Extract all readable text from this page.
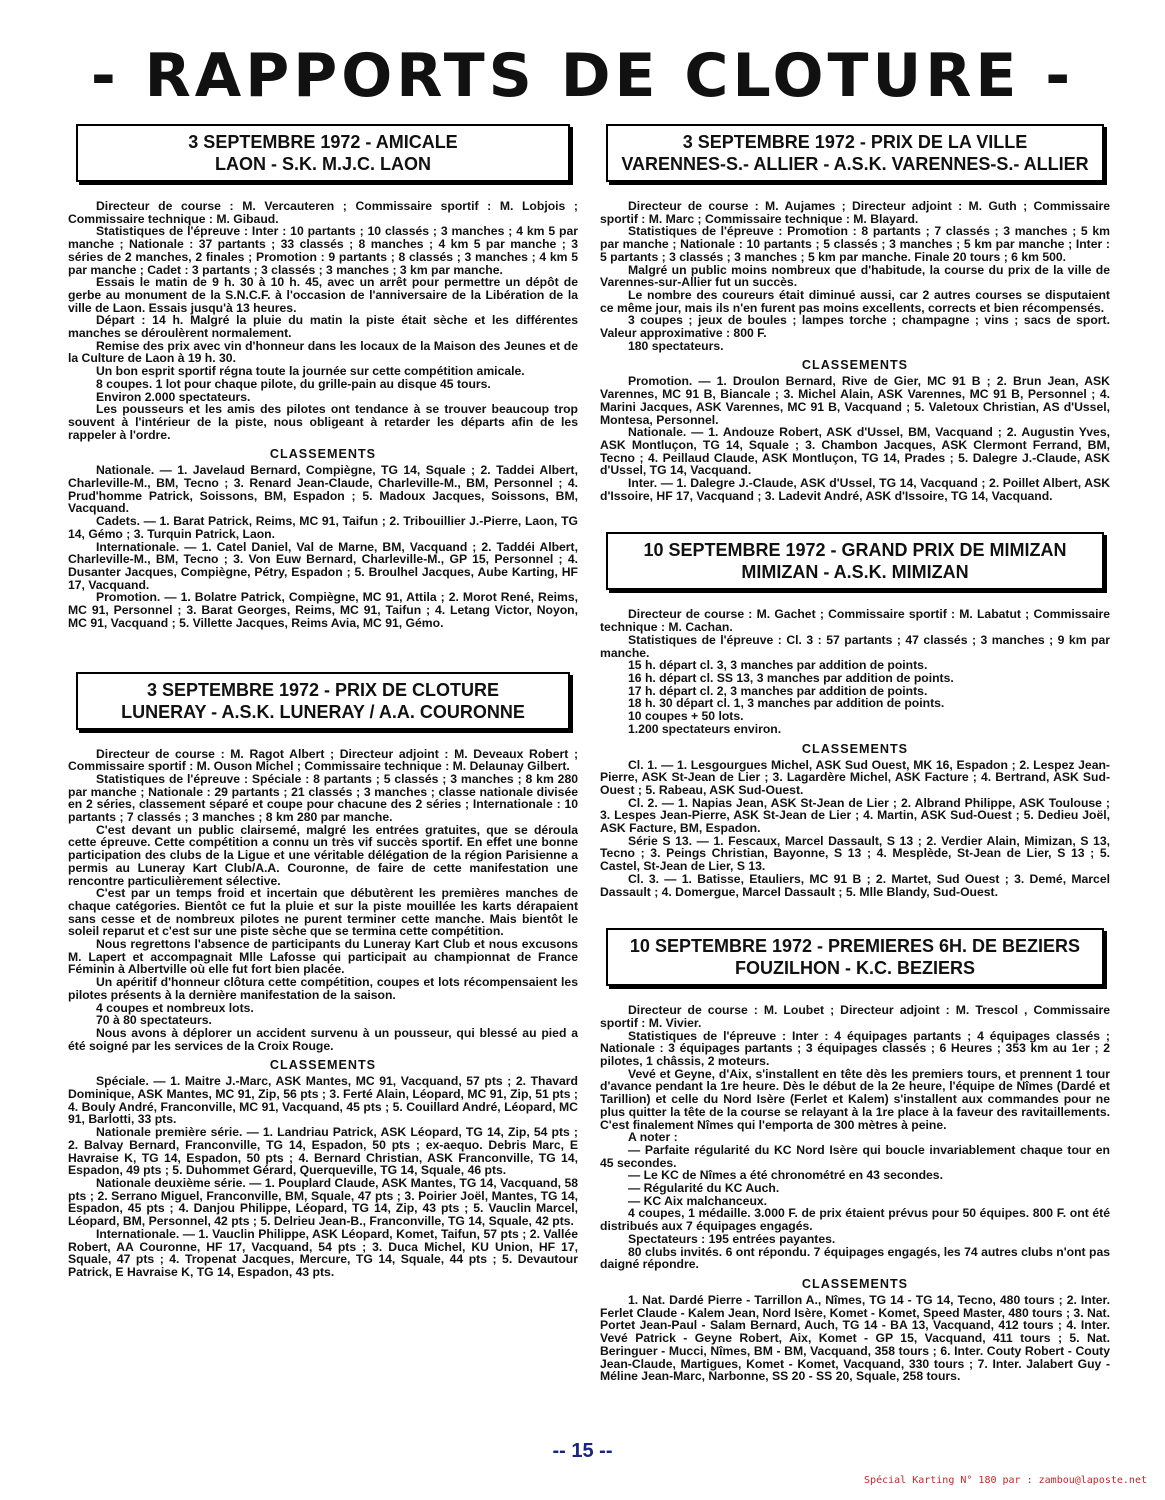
- RAPPORTS DE CLOTURE -
3 SEPTEMBRE 1972 - AMICALE
LAON - S.K. M.J.C. LAON

Directeur de course : M. Vercauteren ; Commissaire sportif : M. Lobjois ; Commissaire technique : M. Gibaud.

Statistiques de l'épreuve : Inter : 10 partants ; 10 classés ; 3 manches ; 4 km 5 par manche ; Nationale : 37 partants ; 33 classés ; 8 manches ; 4 km 5 par manche ; 3 séries de 2 manches, 2 finales ; Promotion : 9 partants ; 8 classés ; 3 manches ; 4 km 5 par manche ; Cadet : 3 partants ; 3 classés ; 3 manches ; 3 km par manche.

Essais le matin de 9 h. 30 à 10 h. 45, avec un arrêt pour permettre un dépôt de gerbe au monument de la S.N.C.F. à l'occasion de l'anniversaire de la Libération de la ville de Laon. Essais jusqu'à 13 heures.

Départ : 14 h. Malgré la pluie du matin la piste était sèche et les différentes manches se déroulèrent normalement.

Remise des prix avec vin d'honneur dans les locaux de la Maison des Jeunes et de la Culture de Laon à 19 h. 30.

Un bon esprit sportif régna toute la journée sur cette compétition amicale.

8 coupes. 1 lot pour chaque pilote, du grille-pain au disque 45 tours.

Environ 2.000 spectateurs.

Les pousseurs et les amis des pilotes ont tendance à se trouver beaucoup trop souvent à l'intérieur de la piste, nous obligeant à retarder les départs afin de les rappeler à l'ordre.

CLASSEMENTS

Nationale. — 1. Javelaud Bernard, Compiègne, TG 14, Squale ; 2. Taddei Albert, Charleville-M., BM, Tecno ; 3. Renard Jean-Claude, Charleville-M., BM, Personnel ; 4. Prud'homme Patrick, Soissons, BM, Espadon ; 5. Madoux Jacques, Soissons, BM, Vacquand.

Cadets. — 1. Barat Patrick, Reims, MC 91, Taifun ; 2. Tribouillier J.-Pierre, Laon, TG 14, Gémo ; 3. Turquin Patrick, Laon.

Internationale. — 1. Catel Daniel, Val de Marne, BM, Vacquand ; 2. Taddéi Albert, Charleville-M., BM, Tecno ; 3. Von Euw Bernard, Charleville-M., GP 15, Personnel ; 4. Dusanter Jacques, Compiègne, Pétry, Espadon ; 5. Broulhel Jacques, Aube Karting, HF 17, Vacquand.

Promotion. — 1. Bolatre Patrick, Compiègne, MC 91, Attila ; 2. Morot René, Reims, MC 91, Personnel ; 3. Barat Georges, Reims, MC 91, Taifun ; 4. Letang Victor, Noyon, MC 91, Vacquand ; 5. Villette Jacques, Reims Avia, MC 91, Gémo.

3 SEPTEMBRE 1972 - PRIX DE CLOTURE
LUNERAY - A.S.K. LUNERAY / A.A. COURONNE

Directeur de course : M. Ragot Albert ; Directeur adjoint : M. Deveaux Robert ; Commissaire sportif : M. Ouson Michel ; Commissaire technique : M. Delaunay Gilbert.

Statistiques de l'épreuve : Spéciale : 8 partants ; 5 classés ; 3 manches ; 8 km 280 par manche ; Nationale : 29 partants ; 21 classés ; 3 manches ; classe nationale divisée en 2 séries, classement séparé et coupe pour chacune des 2 séries ; Internationale : 10 partants ; 7 classés ; 3 manches ; 8 km 280 par manche.

C'est devant un public clairsemé, malgré les entrées gratuites, que se déroula cette épreuve. Cette compétition a connu un très vif succès sportif. En effet une bonne participation des clubs de la Ligue et une véritable délégation de la région Parisienne a permis au Luneray Kart Club/A.A. Couronne, de faire de cette manifestation une rencontre particulièrement sélective.

C'est par un temps froid et incertain que débutèrent les premières manches de chaque catégories. Bientôt ce fut la pluie et sur la piste mouillée les karts dérapaient sans cesse et de nombreux pilotes ne purent terminer cette manche. Mais bientôt le soleil reparut et c'est sur une piste sèche que se termina cette compétition.

Nous regrettons l'absence de participants du Luneray Kart Club et nous excusons M. Lapert et accompagnait Mlle Lafosse qui participait au championnat de France Féminin à Albertville où elle fut fort bien placée.

Un apéritif d'honneur clôtura cette compétition, coupes et lots récompensaient les pilotes présents à la dernière manifestation de la saison.

4 coupes et nombreux lots.

70 à 80 spectateurs.

Nous avons à déplorer un accident survenu à un pousseur, qui blessé au pied a été soigné par les services de la Croix Rouge.

CLASSEMENTS

Spéciale. — 1. Maitre J.-Marc, ASK Mantes, MC 91, Vacquand, 57 pts ; 2. Thavard Dominique, ASK Mantes, MC 91, Zip, 56 pts ; 3. Ferté Alain, Léopard, MC 91, Zip, 51 pts ; 4. Bouly André, Franconville, MC 91, Vacquand, 45 pts ; 5. Couillard André, Léopard, MC 91, Barlotti, 33 pts.

Nationale première série. — 1. Landriau Patrick, ASK Léopard, TG 14, Zip, 54 pts ; 2. Balvay Bernard, Franconville, TG 14, Espadon, 50 pts ; ex-aequo. Debris Marc, E Havraise K, TG 14, Espadon, 50 pts ; 4. Bernard Christian, ASK Franconville, TG 14, Espadon, 49 pts ; 5. Duhommet Gérard, Querqueville, TG 14, Squale, 46 pts.

Nationale deuxième série. — 1. Pouplard Claude, ASK Mantes, TG 14, Vacquand, 58 pts ; 2. Serrano Miguel, Franconville, BM, Squale, 47 pts ; 3. Poirier Joël, Mantes, TG 14, Espadon, 45 pts ; 4. Danjou Philippe, Léopard, TG 14, Zip, 43 pts ; 5. Vauclin Marcel, Léopard, BM, Personnel, 42 pts ; 5. Delrieu Jean-B., Franconville, TG 14, Squale, 42 pts.

Internationale. — 1. Vauclin Philippe, ASK Léopard, Komet, Taifun, 57 pts ; 2. Vallée Robert, AA Couronne, HF 17, Vacquand, 54 pts ; 3. Duca Michel, KU Union, HF 17, Squale, 47 pts ; 4. Tropenat Jacques, Mercure, TG 14, Squale, 44 pts ; 5. Devautour Patrick, E Havraise K, TG 14, Espadon, 43 pts.

3 SEPTEMBRE 1972 - PRIX DE LA VILLE
VARENNES-S.- ALLIER - A.S.K. VARENNES-S.- ALLIER

Directeur de course : M. Aujames ; Directeur adjoint : M. Guth ; Commissaire sportif : M. Marc ; Commissaire technique : M. Blayard.

Statistiques de l'épreuve : Promotion : 8 partants ; 7 classés ; 3 manches ; 5 km par manche ; Nationale : 10 partants ; 5 classés ; 3 manches ; 5 km par manche ; Inter : 5 partants ; 3 classés ; 3 manches ; 5 km par manche. Finale 20 tours ; 6 km 500.

Malgré un public moins nombreux que d'habitude, la course du prix de la ville de Varennes-sur-Allier fut un succès.

Le nombre des coureurs était diminué aussi, car 2 autres courses se disputaient ce même jour, mais ils n'en furent pas moins excellents, corrects et bien récompensés.

3 coupes ; jeux de boules ; lampes torche ; champagne ; vins ; sacs de sport. Valeur approximative : 800 F.

180 spectateurs.

CLASSEMENTS

Promotion. — 1. Droulon Bernard, Rive de Gier, MC 91 B ; 2. Brun Jean, ASK Varennes, MC 91 B, Biancale ; 3. Michel Alain, ASK Varennes, MC 91 B, Personnel ; 4. Marini Jacques, ASK Varennes, MC 91 B, Vacquand ; 5. Valetoux Christian, AS d'Ussel, Montesa, Personnel.

Nationale. — 1. Andouze Robert, ASK d'Ussel, BM, Vacquand ; 2. Augustin Yves, ASK Montluçon, TG 14, Squale ; 3. Chambon Jacques, ASK Clermont Ferrand, BM, Tecno ; 4. Peillaud Claude, ASK Montluçon, TG 14, Prades ; 5. Dalegre J.-Claude, ASK d'Ussel, TG 14, Vacquand.

Inter. — 1. Dalegre J.-Claude, ASK d'Ussel, TG 14, Vacquand ; 2. Poillet Albert, ASK d'Issoire, HF 17, Vacquand ; 3. Ladevit André, ASK d'Issoire, TG 14, Vacquand.

10 SEPTEMBRE 1972 - GRAND PRIX DE MIMIZAN
MIMIZAN - A.S.K. MIMIZAN

Directeur de course : M. Gachet ; Commissaire sportif : M. Labatut ; Commissaire technique : M. Cachan.

Statistiques de l'épreuve : Cl. 3 : 57 partants ; 47 classés ; 3 manches ; 9 km par manche.

15 h. départ cl. 3, 3 manches par addition de points.

16 h. départ cl. SS 13, 3 manches par addition de points.

17 h. départ cl. 2, 3 manches par addition de points.

18 h. 30 départ cl. 1, 3 manches par addition de points.

10 coupes + 50 lots.

1.200 spectateurs environ.

CLASSEMENTS

Cl. 1. — 1. Lesgourgues Michel, ASK Sud Ouest, MK 16, Espadon ; 2. Lespez Jean-Pierre, ASK St-Jean de Lier ; 3. Lagardère Michel, ASK Facture ; 4. Bertrand, ASK Sud-Ouest ; 5. Rabeau, ASK Sud-Ouest.

Cl. 2. — 1. Napias Jean, ASK St-Jean de Lier ; 2. Albrand Philippe, ASK Toulouse ; 3. Lespes Jean-Pierre, ASK St-Jean de Lier ; 4. Martin, ASK Sud-Ouest ; 5. Dedieu Joël, ASK Facture, BM, Espadon.

Série S 13. — 1. Fescaux, Marcel Dassault, S 13 ; 2. Verdier Alain, Mimizan, S 13, Tecno ; 3. Peings Christian, Bayonne, S 13 ; 4. Mesplède, St-Jean de Lier, S 13 ; 5. Castel, St-Jean de Lier, S 13.

Cl. 3. — 1. Batisse, Etauliers, MC 91 B ; 2. Martet, Sud Ouest ; 3. Demé, Marcel Dassault ; 4. Domergue, Marcel Dassault ; 5. Mlle Blandy, Sud-Ouest.

10 SEPTEMBRE 1972 - PREMIERES 6H. DE BEZIERS
FOUZILHON - K.C. BEZIERS

Directeur de course : M. Loubet ; Directeur adjoint : M. Trescol , Commissaire sportif : M. Vivier.

Statistiques de l'épreuve : Inter : 4 équipages partants ; 4 équipages classés ; Nationale : 3 équipages partants ; 3 équipages classés ; 6 Heures ; 353 km au 1er ; 2 pilotes, 1 châssis, 2 moteurs.

Vevé et Geyne, d'Aix, s'installent en tête dès les premiers tours, et prennent 1 tour d'avance pendant la 1re heure. Dès le début de la 2e heure, l'équipe de Nîmes (Dardé et Tarillion) et celle du Nord Isère (Ferlet et Kalem) s'installent aux commandes pour ne plus quitter la tête de la course se relayant à la 1re place à la faveur des ravitaillements. C'est finalement Nîmes qui l'emporta de 300 mètres à peine.

A noter :

— Parfaite régularité du KC Nord Isère qui boucle invariablement chaque tour en 45 secondes.

— Le KC de Nîmes a été chronométré en 43 secondes.

— Régularité du KC Auch.

— KC Aix malchanceux.

4 coupes, 1 médaille. 3.000 F. de prix étaient prévus pour 50 équipes. 800 F. ont été distribués aux 7 équipages engagés.

Spectateurs : 195 entrées payantes.

80 clubs invités. 6 ont répondu. 7 équipages engagés, les 74 autres clubs n'ont pas daigné répondre.

CLASSEMENTS

1. Nat. Dardé Pierre - Tarrillon A., Nîmes, TG 14 - TG 14, Tecno, 480 tours ; 2. Inter. Ferlet Claude - Kalem Jean, Nord Isère, Komet - Komet, Speed Master, 480 tours ; 3. Nat. Portet Jean-Paul - Salam Bernard, Auch, TG 14 - BA 13, Vacquand, 412 tours ; 4. Inter. Vevé Patrick - Geyne Robert, Aix, Komet - GP 15, Vacquand, 411 tours ; 5. Nat. Beringuer - Mucci, Nîmes, BM - BM, Vacquand, 358 tours ; 6. Inter. Couty Robert - Couty Jean-Claude, Martigues, Komet - Komet, Vacquand, 330 tours ; 7. Inter. Jalabert Guy - Méline Jean-Marc, Narbonne, SS 20 - SS 20, Squale, 258 tours.

-- 15 --
Spécial Karting N° 180 par : zambou@laposte.net
